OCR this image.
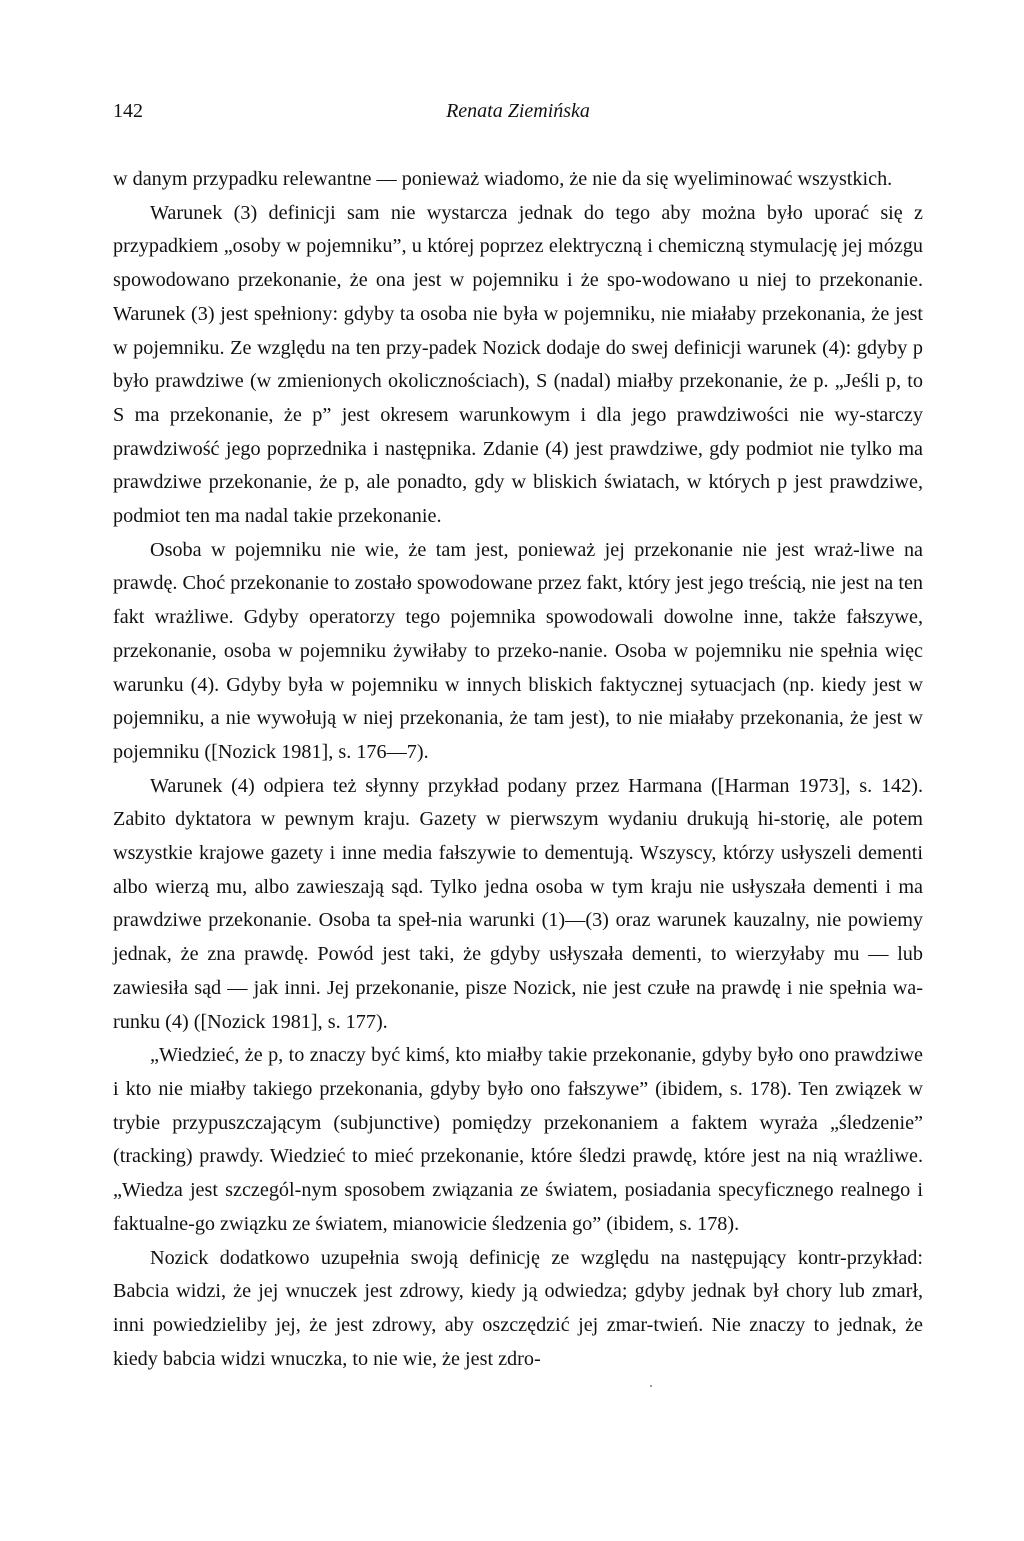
142	Renata Ziemińska

w danym przypadku relewantne — ponieważ wiadomo, że nie da się wyeliminować wszystkich.

Warunek (3) definicji sam nie wystarcza jednak do tego aby można było uporać się z przypadkiem „osoby w pojemniku”, u której poprzez elektryczną i chemiczną stymulację jej mózgu spowodowano przekonanie, że ona jest w pojemniku i że spo-wodowano u niej to przekonanie. Warunek (3) jest spełniony: gdyby ta osoba nie była w pojemniku, nie miałaby przekonania, że jest w pojemniku. Ze względu na ten przy-padek Nozick dodaje do swej definicji warunek (4): gdyby p było prawdziwe (w zmienionych okolicznościach), S (nadal) miałby przekonanie, że p. „Jeśli p, to S ma przekonanie, że p” jest okresem warunkowym i dla jego prawdziwości nie wy-starczy prawdziwość jego poprzednika i następnika. Zdanie (4) jest prawdziwe, gdy podmiot nie tylko ma prawdziwe przekonanie, że p, ale ponadto, gdy w bliskich światach, w których p jest prawdziwe, podmiot ten ma nadal takie przekonanie.

Osoba w pojemniku nie wie, że tam jest, ponieważ jej przekonanie nie jest wraż-liwe na prawdę. Choć przekonanie to zostało spowodowane przez fakt, który jest jego treścią, nie jest na ten fakt wrażliwe. Gdyby operatorzy tego pojemnika spowodowali dowolne inne, także fałszywe, przekonanie, osoba w pojemniku żywiłaby to przeko-nanie. Osoba w pojemniku nie spełnia więc warunku (4). Gdyby była w pojemniku w innych bliskich faktycznej sytuacjach (np. kiedy jest w pojemniku, a nie wywołują w niej przekonania, że tam jest), to nie miałaby przekonania, że jest w pojemniku ([Nozick 1981], s. 176—7).

Warunek (4) odpiera też słynny przykład podany przez Harmana ([Harman 1973], s. 142). Zabito dyktatora w pewnym kraju. Gazety w pierwszym wydaniu drukują hi-storię, ale potem wszystkie krajowe gazety i inne media fałszywie to dementują. Wszyscy, którzy usłyszeli dementi albo wierzą mu, albo zawieszają sąd. Tylko jedna osoba w tym kraju nie usłyszała dementi i ma prawdziwe przekonanie. Osoba ta speł-nia warunki (1)—(3) oraz warunek kauzalny, nie powiemy jednak, że zna prawdę. Powód jest taki, że gdyby usłyszała dementi, to wierzyłaby mu — lub zawiesiła sąd — jak inni. Jej przekonanie, pisze Nozick, nie jest czułe na prawdę i nie spełnia wa-runku (4) ([Nozick 1981], s. 177).

„Wiedzieć, że p, to znaczy być kimś, kto miałby takie przekonanie, gdyby było ono prawdziwe i kto nie miałby takiego przekonania, gdyby było ono fałszywe” (ibidem, s. 178). Ten związek w trybie przypuszczającym (subjunctive) pomiędzy przekonaniem a faktem wyraża „śledzenie” (tracking) prawdy. Wiedzieć to mieć przekonanie, które śledzi prawdę, które jest na nią wrażliwe. „Wiedza jest szczegól-nym sposobem związania ze światem, posiadania specyficznego realnego i faktualne-go związku ze światem, mianowicie śledzenia go” (ibidem, s. 178).

Nozick dodatkowo uzupełnia swoją definicję ze względu na następujący kontr-przykład: Babcia widzi, że jej wnuczek jest zdrowy, kiedy ją odwiedza; gdyby jednak był chory lub zmarł, inni powiedzieliby jej, że jest zdrowy, aby oszczędzić jej zmar-twień. Nie znaczy to jednak, że kiedy babcia widzi wnuczka, to nie wie, że jest zdro-
